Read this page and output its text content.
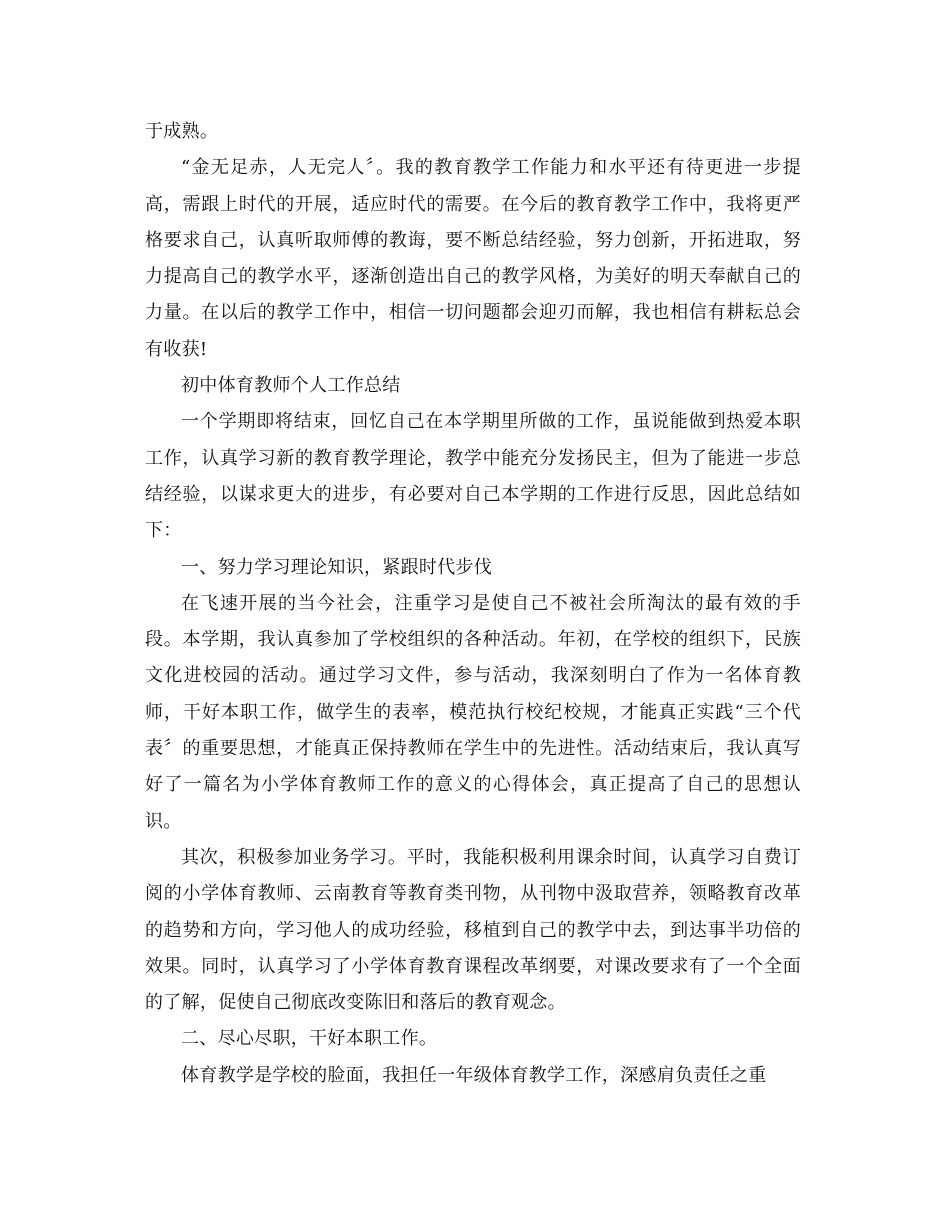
于成熟。

“金无足赤，人无完人〞。我的教育教学工作能力和水平还有待更进一步提高，需跟上时代的开展，适应时代的需要。在今后的教育教学工作中，我将更严格要求自己，认真听取师傅的教诲，要不断总结经验，努力创新，开拓进取，努力提高自己的教学水平，逐渐创造出自己的教学风格，为美好的明天奉献自己的力量。在以后的教学工作中，相信一切问题都会迎刃而解，我也相信有耕耘总会有收获!

初中体育教师个人工作总结

一个学期即将结束，回忆自己在本学期里所做的工作，虽说能做到热爱本职工作，认真学习新的教育教学理论，教学中能充分发扬民主，但为了能进一步总结经验，以谋求更大的进步，有必要对自己本学期的工作进行反思，因此总结如下：

一、努力学习理论知识，紧跟时代步伐

在飞速开展的当今社会，注重学习是使自己不被社会所淘汰的最有效的手段。本学期，我认真参加了学校组织的各种活动。年初，在学校的组织下，民族文化进校园的活动。通过学习文件，参与活动，我深刻明白了作为一名体育教师，干好本职工作，做学生的表率，模范执行校纪校规，才能真正实践“三个代表〞的重要思想，才能真正保持教师在学生中的先进性。活动结束后，我认真写好了一篇名为小学体育教师工作的意义的心得体会，真正提高了自己的思想认识。

其次，积极参加业务学习。平时，我能积极利用课余时间，认真学习自费订阅的小学体育教师、云南教育等教育类刊物，从刊物中汲取营养，领略教育改革的趋势和方向，学习他人的成功经验，移植到自己的教学中去，到达事半功倍的效果。同时，认真学习了小学体育教育课程改革纲要，对课改要求有了一个全面的了解，促使自己彻底改变陈旧和落后的教育观念。

二、尽心尽职，干好本职工作。

体育教学是学校的脸面，我担任一年级体育教学工作，深感肩负责任之重
